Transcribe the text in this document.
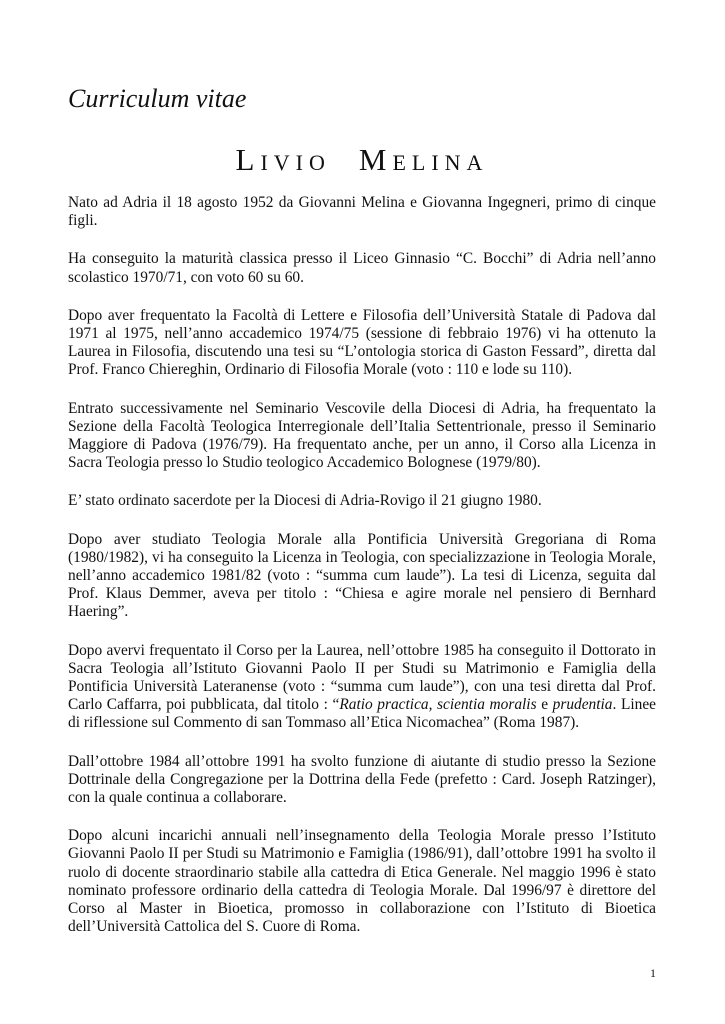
Curriculum vitae
Livio Melina

Nato ad Adria il 18 agosto 1952 da Giovanni Melina e Giovanna Ingegneri, primo di cinque figli.

Ha conseguito la maturità classica presso il Liceo Ginnasio “C. Bocchi” di Adria nell’anno scolastico 1970/71, con voto 60 su 60.

Dopo aver frequentato la Facoltà di Lettere e Filosofia dell’Università Statale di Padova dal 1971 al 1975, nell’anno accademico 1974/75 (sessione di febbraio 1976) vi ha ottenuto la Laurea in Filosofia, discutendo una tesi su “L’ontologia storica di Gaston Fessard”, diretta dal Prof. Franco Chiereghin, Ordinario di Filosofia Morale (voto : 110 e lode su 110).

Entrato successivamente nel Seminario Vescovile della Diocesi di Adria, ha frequentato la Sezione della Facoltà Teologica Interregionale dell’Italia Settentrionale, presso il Seminario Maggiore di Padova (1976/79). Ha frequentato anche, per un anno, il Corso alla Licenza in Sacra Teologia presso lo Studio teologico Accademico Bolognese (1979/80).

E’ stato ordinato sacerdote per la Diocesi di Adria-Rovigo il 21 giugno 1980.

Dopo aver studiato Teologia Morale alla Pontificia Università Gregoriana di Roma (1980/1982), vi ha conseguito la Licenza in Teologia, con specializzazione in Teologia Morale, nell’anno accademico 1981/82 (voto : “summa cum laude”). La tesi di Licenza, seguita dal Prof. Klaus Demmer, aveva per titolo : “Chiesa e agire morale nel pensiero di Bernhard Haering”.

Dopo avervi frequentato il Corso per la Laurea, nell’ottobre 1985 ha conseguito il Dottorato in Sacra Teologia all’Istituto Giovanni Paolo II per Studi su Matrimonio e Famiglia della Pontificia Università Lateranense (voto : “summa cum laude”), con una tesi diretta dal Prof. Carlo Caffarra, poi pubblicata, dal titolo : “Ratio practica, scientia moralis e prudentia. Linee di riflessione sul Commento di san Tommaso all’Etica Nicomachea” (Roma 1987).

Dall’ottobre 1984 all’ottobre 1991 ha svolto funzione di aiutante di studio presso la Sezione Dottrinale della Congregazione per la Dottrina della Fede (prefetto : Card. Joseph Ratzinger), con la quale continua a collaborare.

Dopo alcuni incarichi annuali nell’insegnamento della Teologia Morale presso l’Istituto Giovanni Paolo II per Studi su Matrimonio e Famiglia (1986/91), dall’ottobre 1991 ha svolto il ruolo di docente straordinario stabile alla cattedra di Etica Generale. Nel maggio 1996 è stato nominato professore ordinario della cattedra di Teologia Morale. Dal 1996/97 è direttore del Corso al Master in Bioetica, promosso in collaborazione con l’Istituto di Bioetica dell’Università Cattolica del S. Cuore di Roma.

1
